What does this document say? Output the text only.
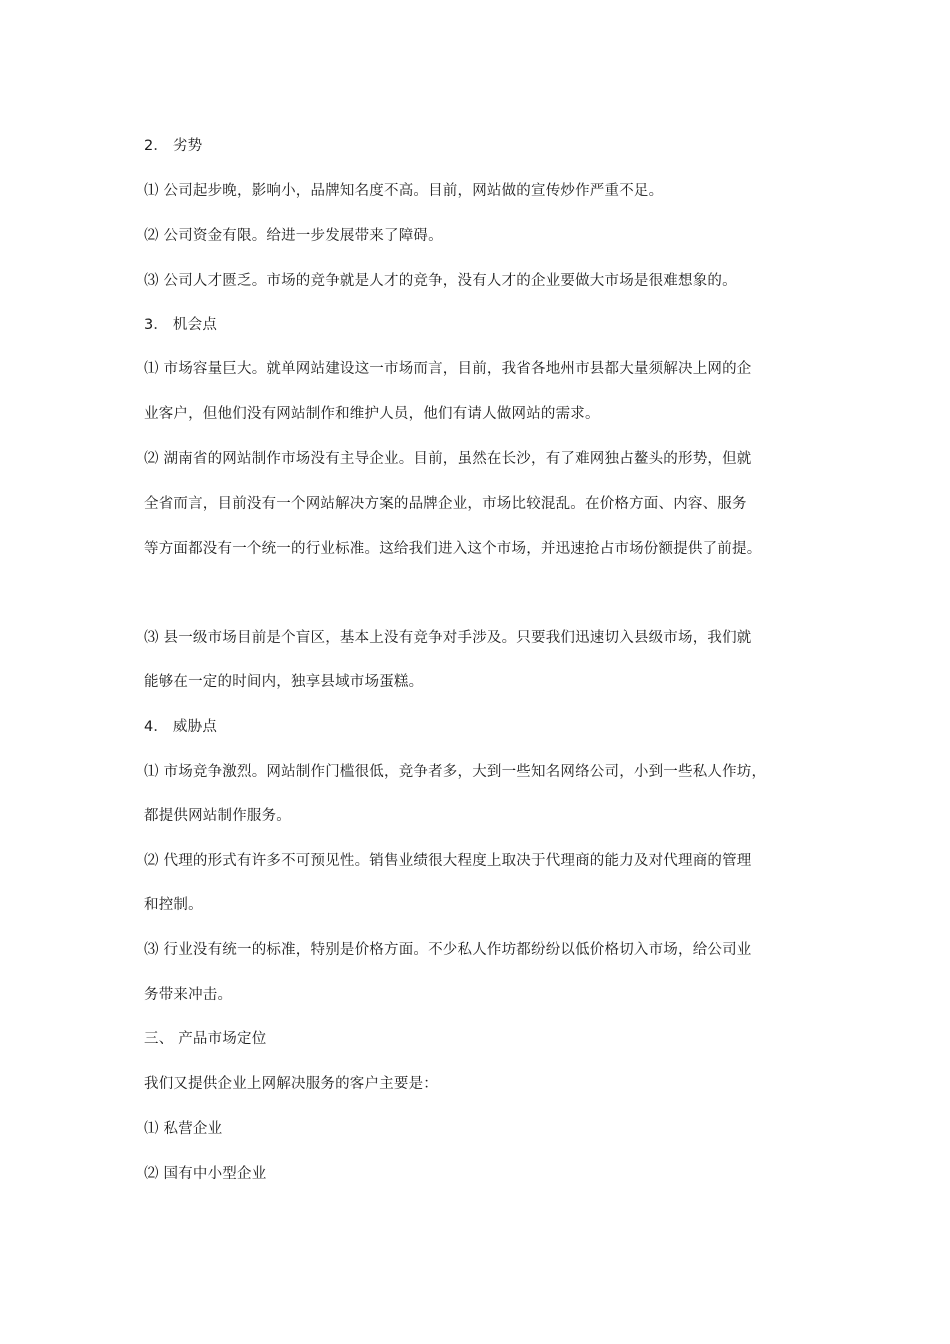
2． 劣势
⑴ 公司起步晚，影响小，品牌知名度不高。目前，网站做的宣传炒作严重不足。
⑵ 公司资金有限。给进一步发展带来了障碍。
⑶ 公司人才匮乏。市场的竞争就是人才的竞争，没有人才的企业要做大市场是很难想象的。
3． 机会点
⑴ 市场容量巨大。就单网站建设这一市场而言，目前，我省各地州市县都大量须解决上网的企
业客户，但他们没有网站制作和维护人员，他们有请人做网站的需求。
⑵ 湖南省的网站制作市场没有主导企业。目前，虽然在长沙，有了难网独占鳌头的形势，但就
全省而言，目前没有一个网站解决方案的品牌企业，市场比较混乱。在价格方面、内容、服务
等方面都没有一个统一的行业标准。这给我们进入这个市场，并迅速抢占市场份额提供了前提。
⑶ 县一级市场目前是个盲区，基本上没有竞争对手涉及。只要我们迅速切入县级市场，我们就
能够在一定的时间内，独享县域市场蛋糕。
4． 威胁点
⑴ 市场竞争激烈。网站制作门槛很低，竞争者多，大到一些知名网络公司，小到一些私人作坊，
都提供网站制作服务。
⑵ 代理的形式有许多不可预见性。销售业绩很大程度上取决于代理商的能力及对代理商的管理
和控制。
⑶ 行业没有统一的标准，特别是价格方面。不少私人作坊都纷纷以低价格切入市场，给公司业
务带来冲击。
三、 产品市场定位
我们又提供企业上网解决服务的客户主要是：
⑴ 私营企业
⑵ 国有中小型企业
